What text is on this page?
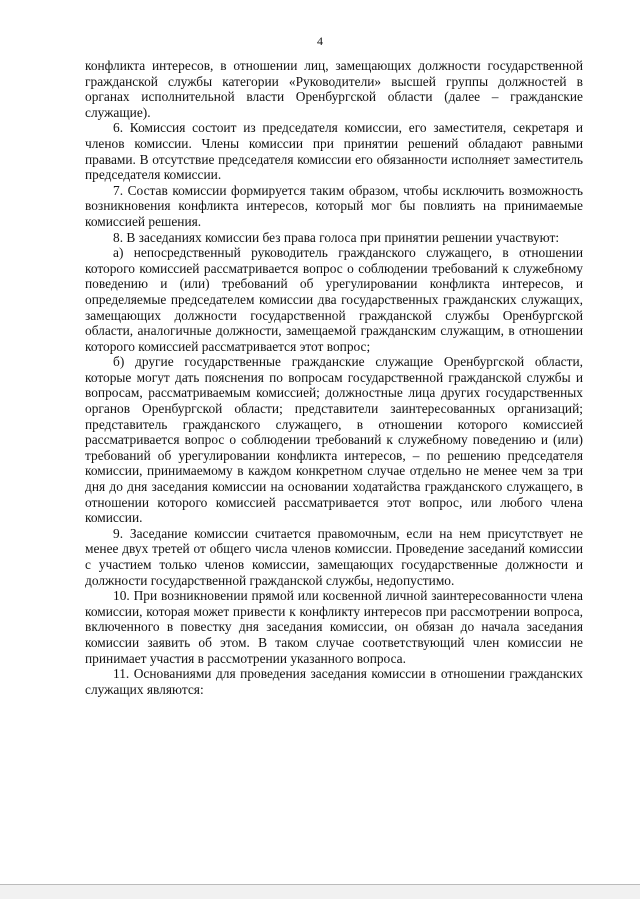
4

конфликта интересов, в отношении лиц, замещающих должности государственной гражданской службы категории «Руководители» высшей группы должностей в органах исполнительной власти Оренбургской области (далее – гражданские служащие).

6. Комиссия состоит из председателя комиссии, его заместителя, секретаря и членов комиссии. Члены комиссии при принятии решений обладают равными правами. В отсутствие председателя комиссии его обязанности исполняет заместитель председателя комиссии.

7. Состав комиссии формируется таким образом, чтобы исключить возможность возникновения конфликта интересов, который мог бы повлиять на принимаемые комиссией решения.

8. В заседаниях комиссии без права голоса при принятии решении участвуют:

а) непосредственный руководитель гражданского служащего, в отношении которого комиссией рассматривается вопрос о соблюдении требований к служебному поведению и (или) требований об урегулировании конфликта интересов, и определяемые председателем комиссии два государственных гражданских служащих, замещающих должности государственной гражданской службы Оренбургской области, аналогичные должности, замещаемой гражданским служащим, в отношении которого комиссией рассматривается этот вопрос;

б) другие государственные гражданские служащие Оренбургской области, которые могут дать пояснения по вопросам государственной гражданской службы и вопросам, рассматриваемым комиссией; должностные лица других государственных органов Оренбургской области; представители заинтересованных организаций; представитель гражданского служащего, в отношении которого комиссией рассматривается вопрос о соблюдении требований к служебному поведению и (или) требований об урегулировании конфликта интересов, – по решению председателя комиссии, принимаемому в каждом конкретном случае отдельно не менее чем за три дня до дня заседания комиссии на основании ходатайства гражданского служащего, в отношении которого комиссией рассматривается этот вопрос, или любого члена комиссии.

9. Заседание комиссии считается правомочным, если на нем присутствует не менее двух третей от общего числа членов комиссии. Проведение заседаний комиссии с участием только членов комиссии, замещающих государственные должности и должности государственной гражданской службы, недопустимо.

10. При возникновении прямой или косвенной личной заинтересованности члена комиссии, которая может привести к конфликту интересов при рассмотрении вопроса, включенного в повестку дня заседания комиссии, он обязан до начала заседания комиссии заявить об этом. В таком случае соответствующий член комиссии не принимает участия в рассмотрении указанного вопроса.

11. Основаниями для проведения заседания комиссии в отношении гражданских служащих являются:
